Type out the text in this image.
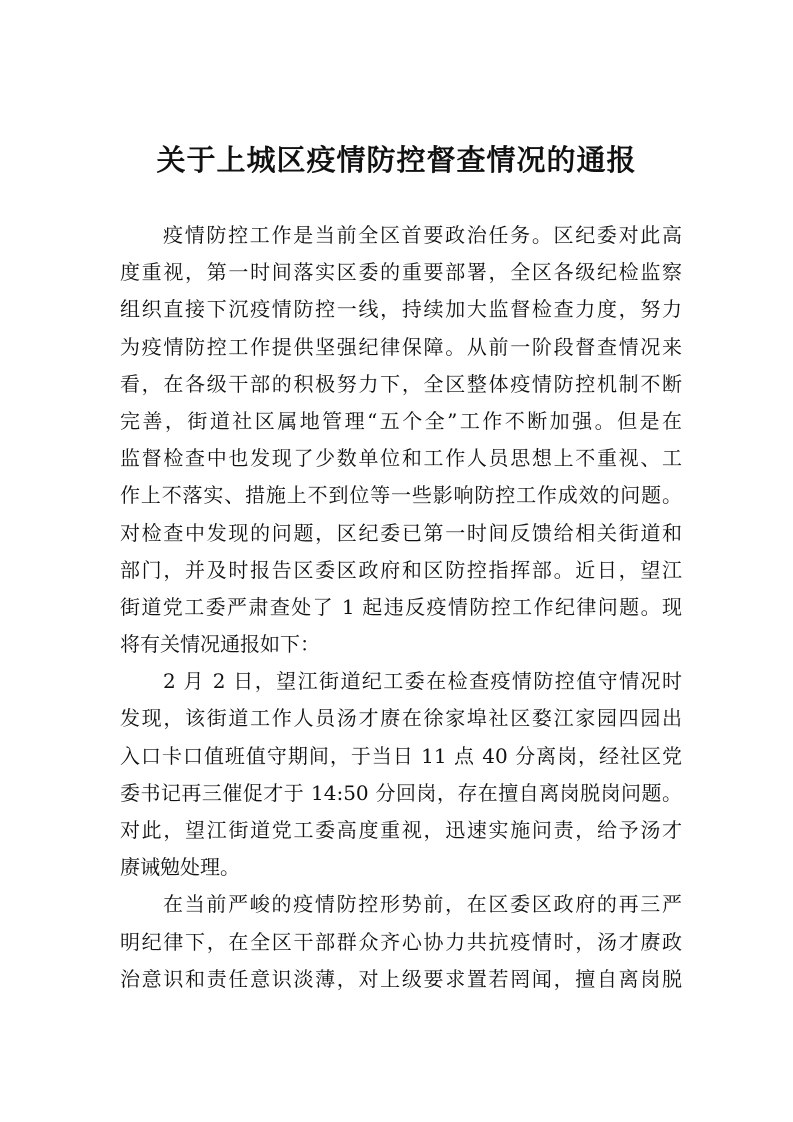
关于上城区疫情防控督查情况的通报
疫情防控工作是当前全区首要政治任务。区纪委对此高
度重视，第一时间落实区委的重要部署，全区各级纪检监察
组织直接下沉疫情防控一线，持续加大监督检查力度，努力
为疫情防控工作提供坚强纪律保障。从前一阶段督查情况来
看，在各级干部的积极努力下，全区整体疫情防控机制不断
完善，街道社区属地管理“五个全”工作不断加强。但是在
监督检查中也发现了少数单位和工作人员思想上不重视、工
作上不落实、措施上不到位等一些影响防控工作成效的问题。
对检查中发现的问题，区纪委已第一时间反馈给相关街道和
部门，并及时报告区委区政府和区防控指挥部。近日，望江
街道党工委严肃查处了 1 起违反疫情防控工作纪律问题。现
将有关情况通报如下：
2 月 2 日，望江街道纪工委在检查疫情防控值守情况时
发现，该街道工作人员汤才赓在徐家埠社区婺江家园四园出
入口卡口值班值守期间，于当日 11 点 40 分离岗，经社区党
委书记再三催促才于 14:50 分回岗，存在擅自离岗脱岗问题。
对此，望江街道党工委高度重视，迅速实施问责，给予汤才
赓诫勉处理。
在当前严峻的疫情防控形势前，在区委区政府的再三严
明纪律下，在全区干部群众齐心协力共抗疫情时，汤才赓政
治意识和责任意识淡薄，对上级要求置若罔闻，擅自离岗脱
